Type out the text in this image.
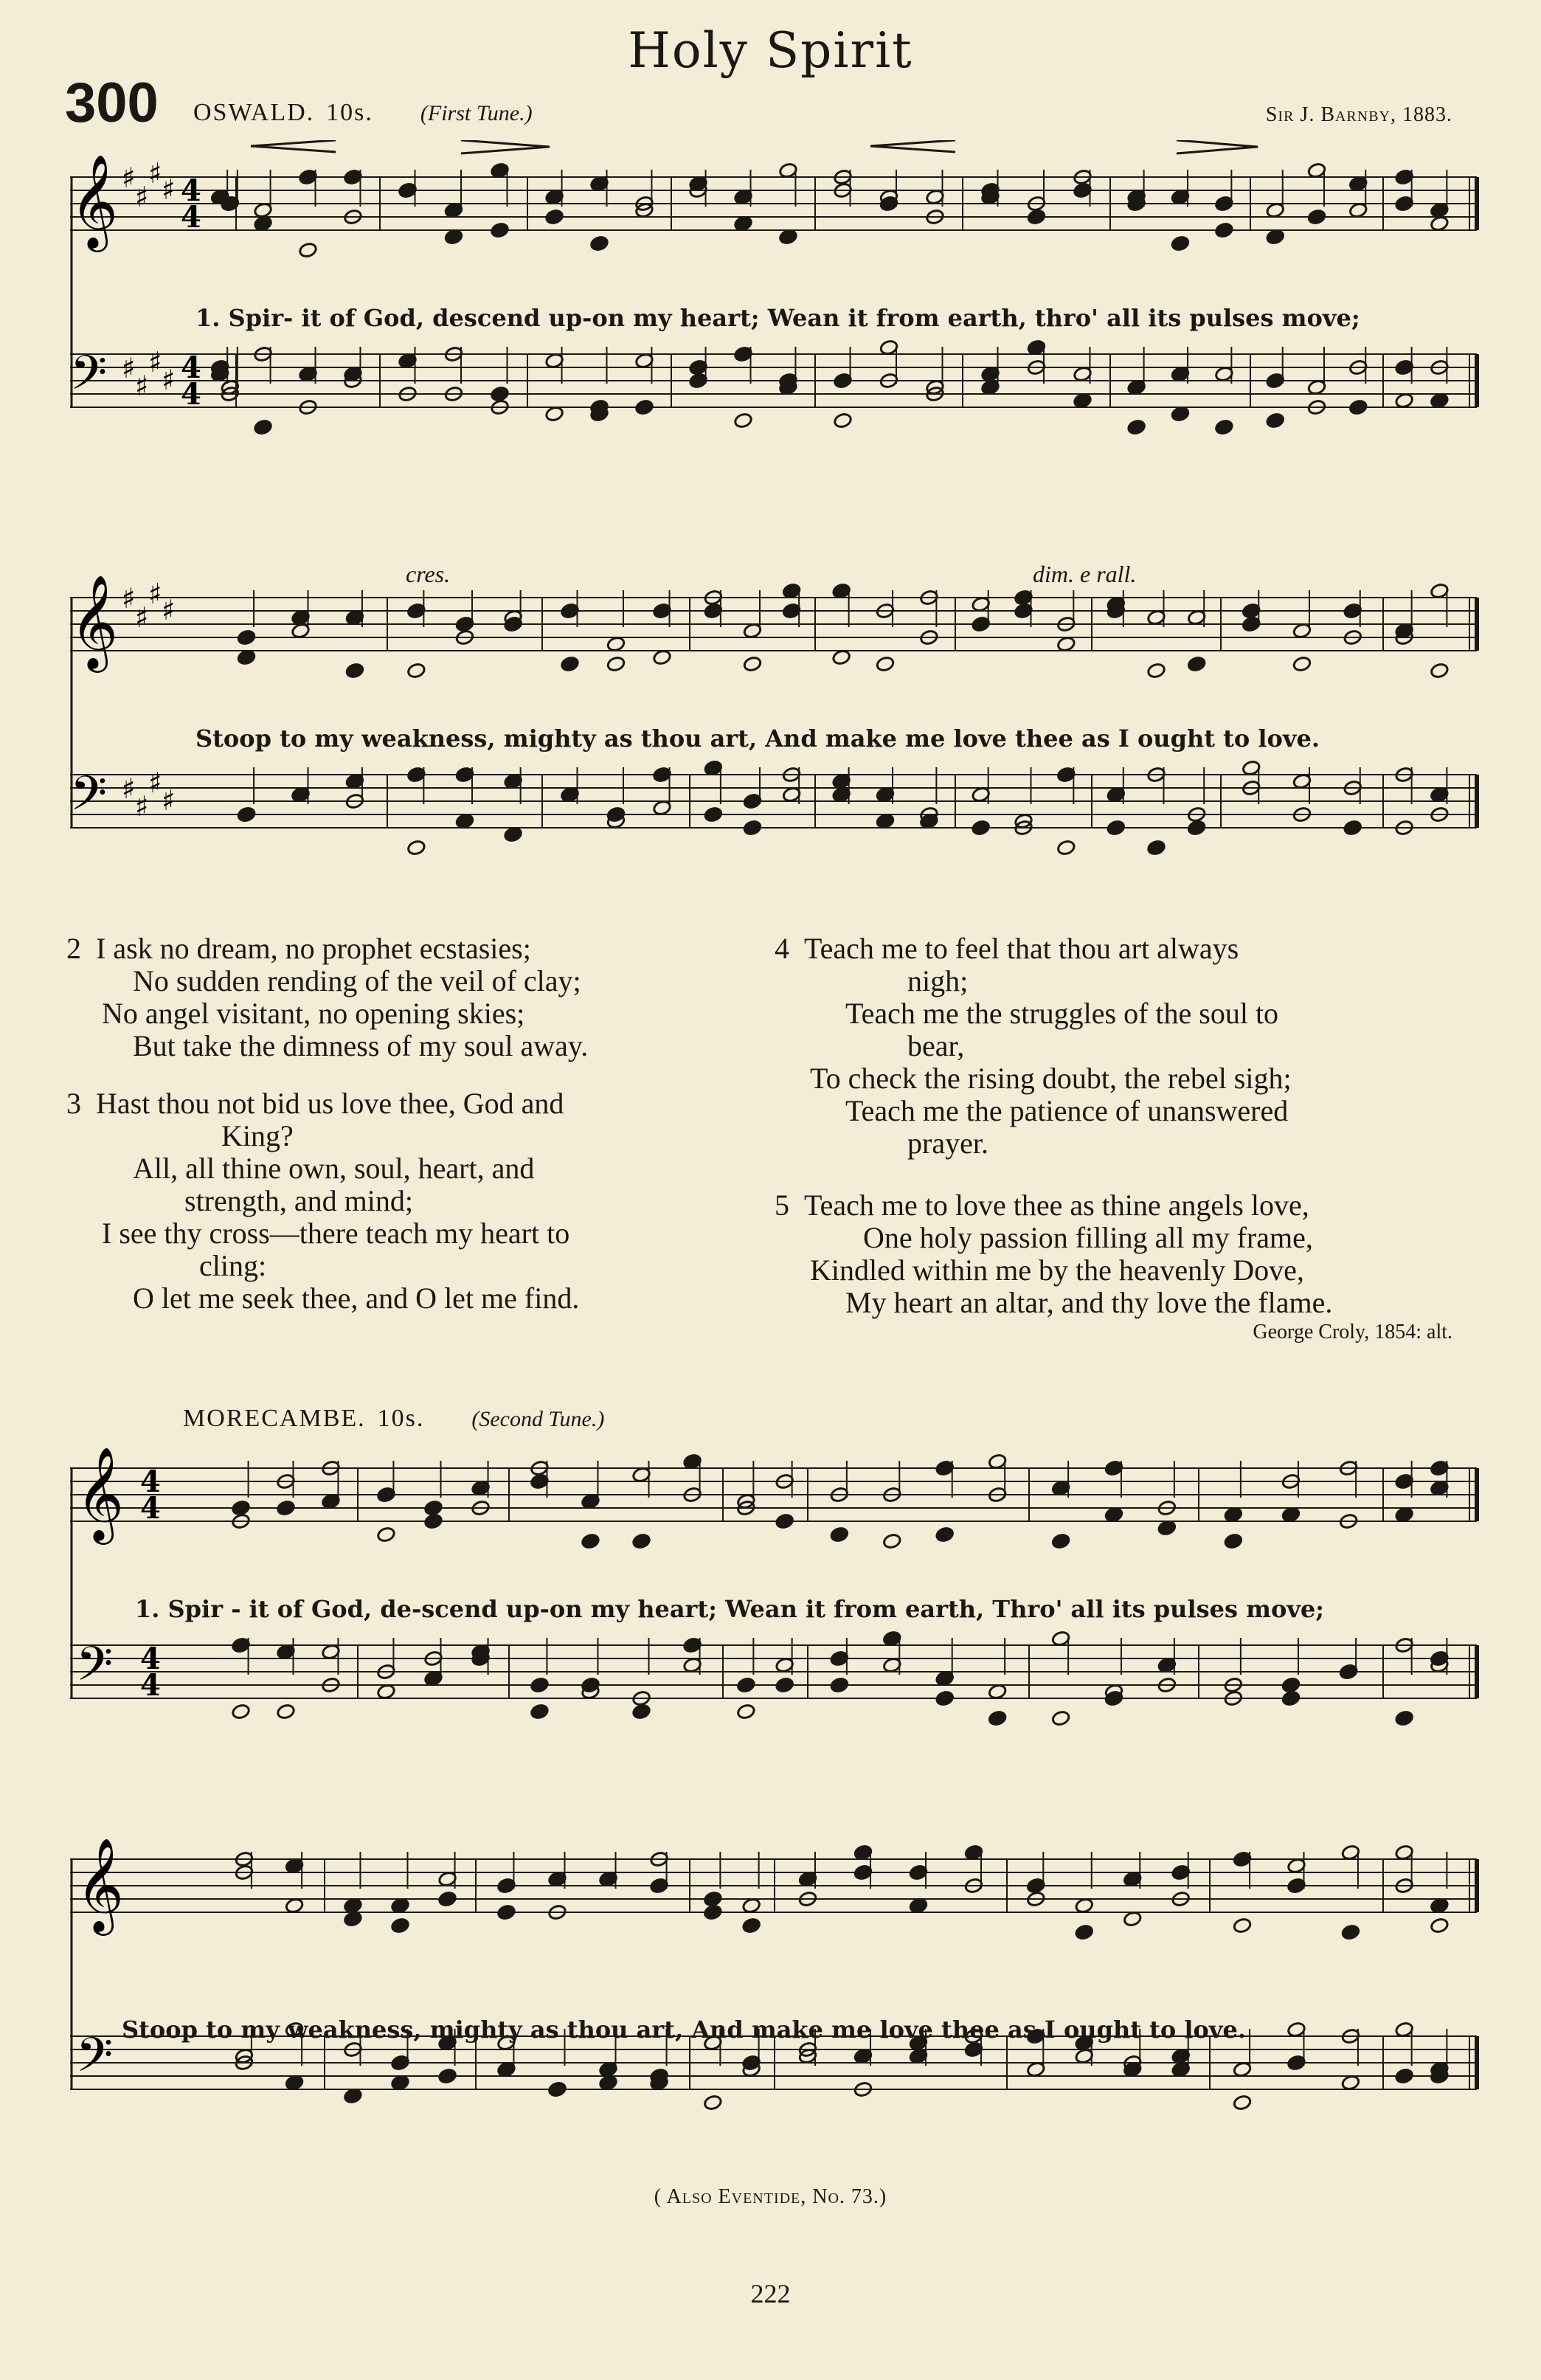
Holy Spirit
300 OSWALD. 10s. (First Tune.)	Sir J. Barnby, 1883.
𝄞
𝄢
♯
♯
♯ ♯
♯
♯
♯
♯
4
4
4
4
1. Spir- it of God, descend up-on my heart; Wean it from earth, thro' all its pulses move;
𝄞
𝄢
♯
♯
♯ ♯
♯
♯
♯
♯
cres.	dim. e rall.
Stoop to my weakness, mighty as thou art, And make me love thee as I ought to love.
2 I ask no dream, no prophet ecstasies;
No sudden rending of the veil of clay;
No angel visitant, no opening skies;
But take the dimness of my soul away.
3 Hast thou not bid us love thee, God and
King?
All, all thine own, soul, heart, and
strength, and mind;
I see thy cross—there teach my heart to
cling:
O let me seek thee, and O let me find.
4 Teach me to feel that thou art always
nigh;
Teach me the struggles of the soul to
bear,
To check the rising doubt, the rebel sigh;
Teach me the patience of unanswered
prayer.
5 Teach me to love thee as thine angels love,
One holy passion filling all my frame,
Kindled within me by the heavenly Dove,
My heart an altar, and thy love the flame.
George Croly, 1854: alt.
MORECAMBE. 10s. (Second Tune.)
𝄞
𝄢
4
4
4
4
1. Spir - it of God, de-scend up-on my heart; Wean it from earth, Thro' all its pulses move;
𝄞
𝄢 Stoop to my weakness, mighty as thou art, And make me love thee as I ought to love.
( Also Eventide, No. 73.)
222
